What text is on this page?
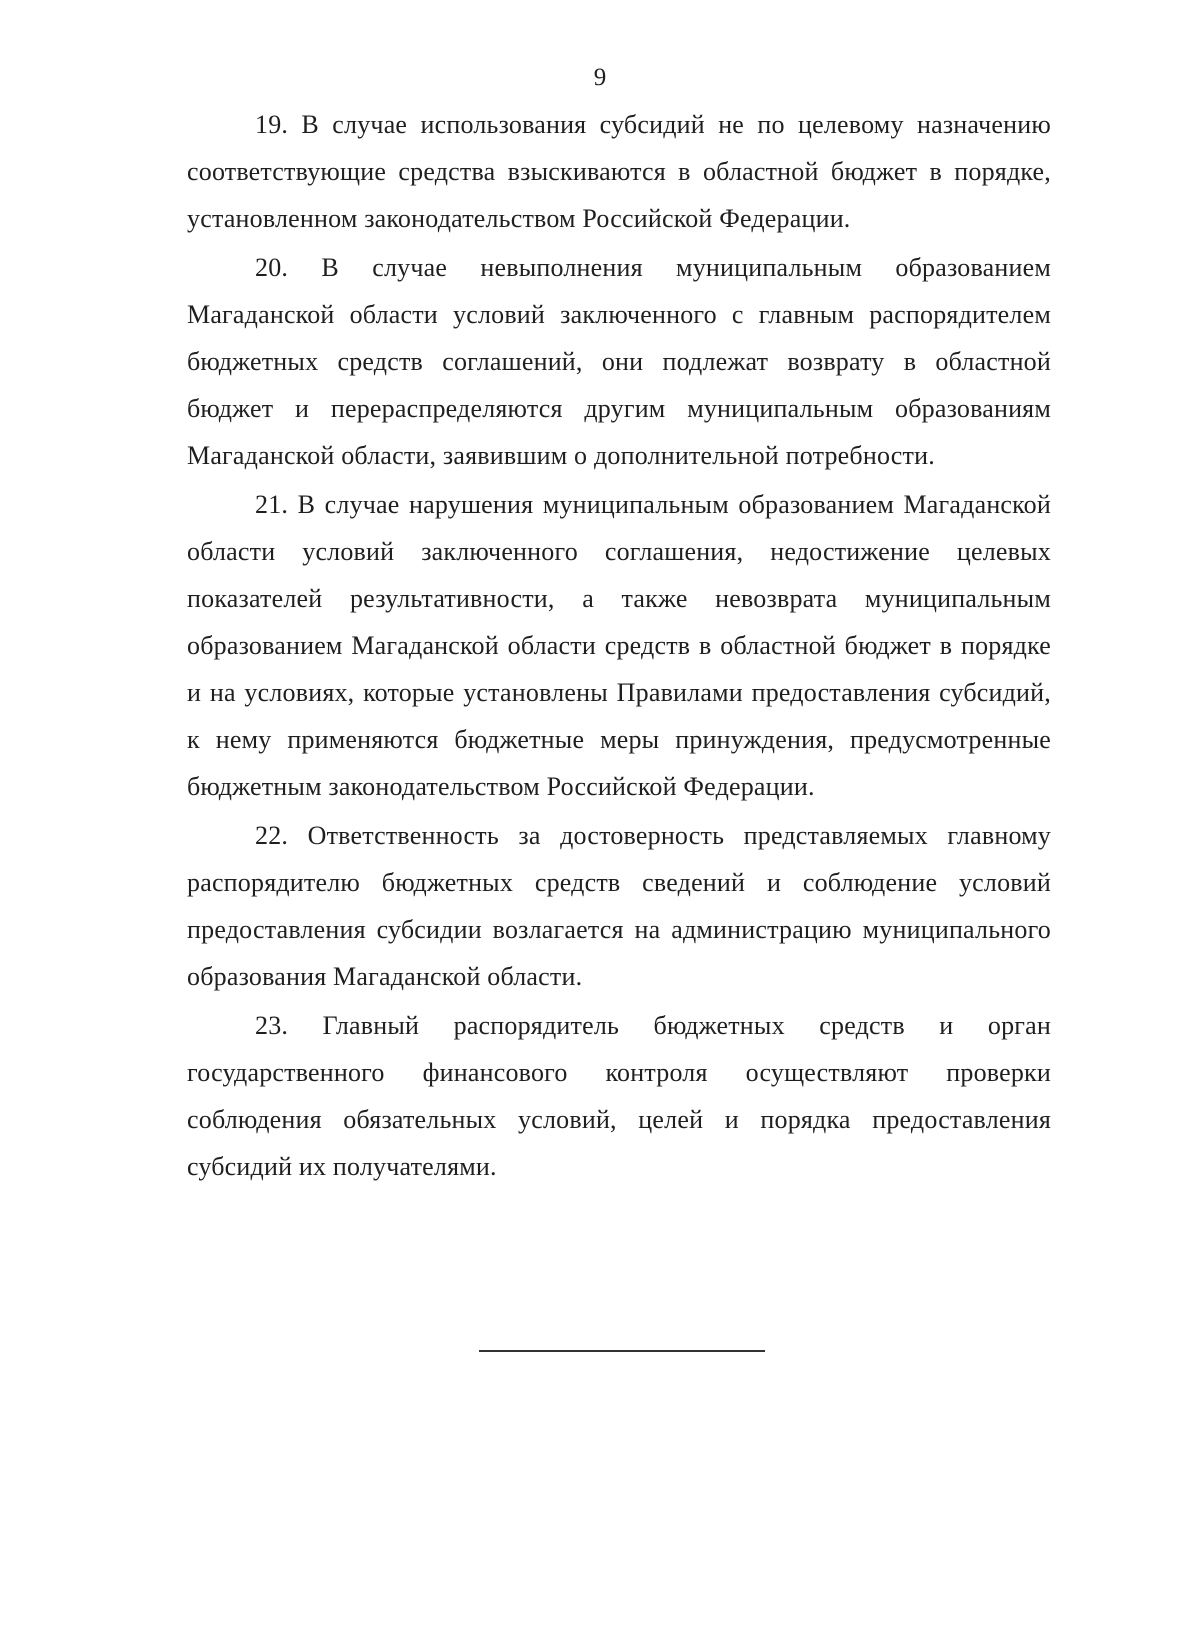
9

19. В случае использования субсидий не по целевому назначению соответствующие средства взыскиваются в областной бюджет в порядке, установленном законодательством Российской Федерации.

20. В случае невыполнения муниципальным образованием Магаданской области условий заключенного с главным распорядителем бюджетных средств соглашений, они подлежат возврату в областной бюджет и перераспределяются другим муниципальным образованиям Магаданской области, заявившим о дополнительной потребности.

21. В случае нарушения муниципальным образованием Магаданской области условий заключенного соглашения, недостижение целевых показателей результативности, а также невозврата муниципальным образованием Магаданской области средств в областной бюджет в порядке и на условиях, которые установлены Правилами предоставления субсидий, к нему применяются бюджетные меры принуждения, предусмотренные бюджетным законодательством Российской Федерации.

22. Ответственность за достоверность представляемых главному распорядителю бюджетных средств сведений и соблюдение условий предоставления субсидии возлагается на администрацию муниципального образования Магаданской области.

23. Главный распорядитель бюджетных средств и орган государственного финансового контроля осуществляют проверки соблюдения обязательных условий, целей и порядка предоставления субсидий их получателями.
